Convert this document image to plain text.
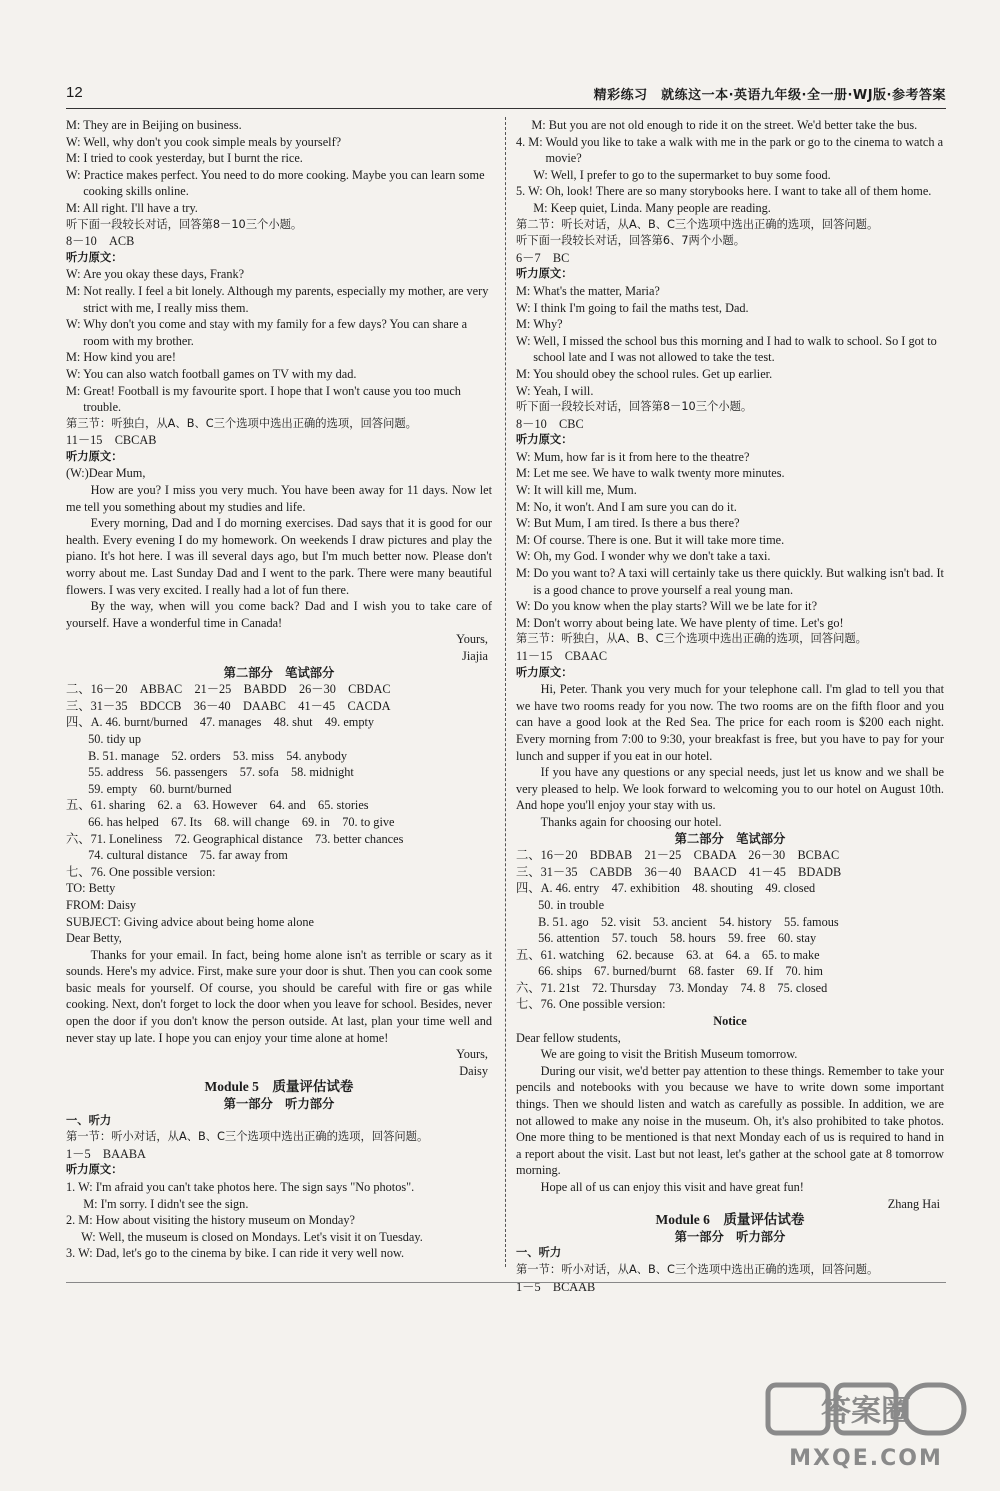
12	精彩练习　就练这一本·英语九年级·全一册·WJ版·参考答案

M: They are in Beijing on business.

W: Well, why don't you cook simple meals by yourself?

M: I tried to cook yesterday, but I burnt the rice.

W: Practice makes perfect. You need to do more cooking. Maybe you can learn some cooking skills online.

M: All right. I'll have a try.

听下面一段较长对话，回答第8－10三个小题。

8－10　ACB

听力原文：

W: Are you okay these days, Frank?

M: Not really. I feel a bit lonely. Although my parents, especially my mother, are very strict with me, I really miss them.

W: Why don't you come and stay with my family for a few days? You can share a room with my brother.

M: How kind you are!

W: You can also watch football games on TV with my dad.

M: Great! Football is my favourite sport. I hope that I won't cause you too much trouble.

第三节：听独白，从A、B、C三个选项中选出正确的选项，回答问题。

11－15　CBCAB

听力原文：

(W:)Dear Mum,

How are you? I miss you very much. You have been away for 11 days. Now let me tell you something about my studies and life.

Every morning, Dad and I do morning exercises. Dad says that it is good for our health. Every evening I do my homework. On weekends I draw pictures and play the piano. It's hot here. I was ill several days ago, but I'm much better now. Please don't worry about me. Last Sunday Dad and I went to the park. There were many beautiful flowers. I was very excited. I really had a lot of fun there.

By the way, when will you come back? Dad and I wish you to take care of yourself. Have a wonderful time in Canada!

Yours,

Jiajia

第二部分　笔试部分

二、16－20　ABBAC　21－25　BABDD　26－30　CBDAC

三、31－35　BDCCB　36－40　DAABC　41－45　CACDA

四、A. 46. burnt/burned　47. manages　48. shut　49. empty

50. tidy up

B. 51. manage　52. orders　53. miss　54. anybody

55. address　56. passengers　57. sofa　58. midnight

59. empty　60. burnt/burned

五、61. sharing　62. a　63. However　64. and　65. stories

66. has helped　67. Its　68. will change　69. in　70. to give

六、71. Loneliness　72. Geographical distance　73. better chances

74. cultural distance　75. far away from

七、76. One possible version:

TO: Betty

FROM: Daisy

SUBJECT: Giving advice about being home alone

Dear Betty,

Thanks for your email. In fact, being home alone isn't as terrible or scary as it sounds. Here's my advice. First, make sure your door is shut. Then you can cook some basic meals for yourself. Of course, you should be careful with fire or gas while cooking. Next, don't forget to lock the door when you leave for school. Besides, never open the door if you don't know the person outside. At last, plan your time well and never stay up late. I hope you can enjoy your time alone at home!

Yours,

Daisy

Module 5　质量评估试卷

第一部分　听力部分

一、听力

第一节：听小对话，从A、B、C三个选项中选出正确的选项，回答问题。

1－5　BAABA

听力原文：

1. W: I'm afraid you can't take photos here. The sign says "No photos".

M: I'm sorry. I didn't see the sign.

2. M: How about visiting the history museum on Monday?

　 W: Well, the museum is closed on Mondays. Let's visit it on Tuesday.

3. W: Dad, let's go to the cinema by bike. I can ride it very well now.

　 M: But you are not old enough to ride it on the street. We'd better take the bus.

4. M: Would you like to take a walk with me in the park or go to the cinema to watch a movie?

W: Well, I prefer to go to the supermarket to buy some food.

5. W: Oh, look! There are so many storybooks here. I want to take all of them home.

M: Keep quiet, Linda. Many people are reading.

第二节：听长对话，从A、B、C三个选项中选出正确的选项，回答问题。

听下面一段较长对话，回答第6、7两个小题。

6－7　BC

听力原文：

M: What's the matter, Maria?

W: I think I'm going to fail the maths test, Dad.

M: Why?

W: Well, I missed the school bus this morning and I had to walk to school. So I got to school late and I was not allowed to take the test.

M: You should obey the school rules. Get up earlier.

W: Yeah, I will.

听下面一段较长对话，回答第8－10三个小题。

8－10　CBC

听力原文：

W: Mum, how far is it from here to the theatre?

M: Let me see. We have to walk twenty more minutes.

W: It will kill me, Mum.

M: No, it won't. And I am sure you can do it.

W: But Mum, I am tired. Is there a bus there?

M: Of course. There is one. But it will take more time.

W: Oh, my God. I wonder why we don't take a taxi.

M: Do you want to? A taxi will certainly take us there quickly. But walking isn't bad. It is a good chance to prove yourself a real young man.

W: Do you know when the play starts? Will we be late for it?

M: Don't worry about being late. We have plenty of time. Let's go!

第三节：听独白，从A、B、C三个选项中选出正确的选项，回答问题。

11－15　CBAAC

听力原文：

Hi, Peter. Thank you very much for your telephone call. I'm glad to tell you that we have two rooms ready for you now. The two rooms are on the fifth floor and you can have a good look at the Red Sea. The price for each room is $200 each night. Every morning from 7:00 to 9:30, your breakfast is free, but you have to pay for your lunch and supper if you eat in our hotel.

If you have any questions or any special needs, just let us know and we shall be very pleased to help. We look forward to welcoming you to our hotel on August 10th. And hope you'll enjoy your stay with us.

Thanks again for choosing our hotel.

第二部分　笔试部分

二、16－20　BDBAB　21－25　CBADA　26－30　BCBAC

三、31－35　CABDB　36－40　BAACD　41－45　BDADB

四、A. 46. entry　47. exhibition　48. shouting　49. closed

50. in trouble

B. 51. ago　52. visit　53. ancient　54. history　55. famous

56. attention　57. touch　58. hours　59. free　60. stay

五、61. watching　62. because　63. at　64. a　65. to make

66. ships　67. burned/burnt　68. faster　69. If　70. him

六、71. 21st　72. Thursday　73. Monday　74. 8　75. closed

七、76. One possible version:

Notice

Dear fellow students,

We are going to visit the British Museum tomorrow.

During our visit, we'd better pay attention to these things. Remember to take your pencils and notebooks with you because we have to write down some important things. Then we should listen and watch as carefully as possible. In addition, we are not allowed to make any noise in the museum. Oh, it's also prohibited to take photos. One more thing to be mentioned is that next Monday each of us is required to hand in a report about the visit. Last but not least, let's gather at the school gate at 8 tomorrow morning.

Hope all of us can enjoy this visit and have great fun!

Zhang Hai

Module 6　质量评估试卷

第一部分　听力部分

一、听力

第一节：听小对话，从A、B、C三个选项中选出正确的选项，回答问题。

1－5　BCAAB

答案圈
MXQE.COM
